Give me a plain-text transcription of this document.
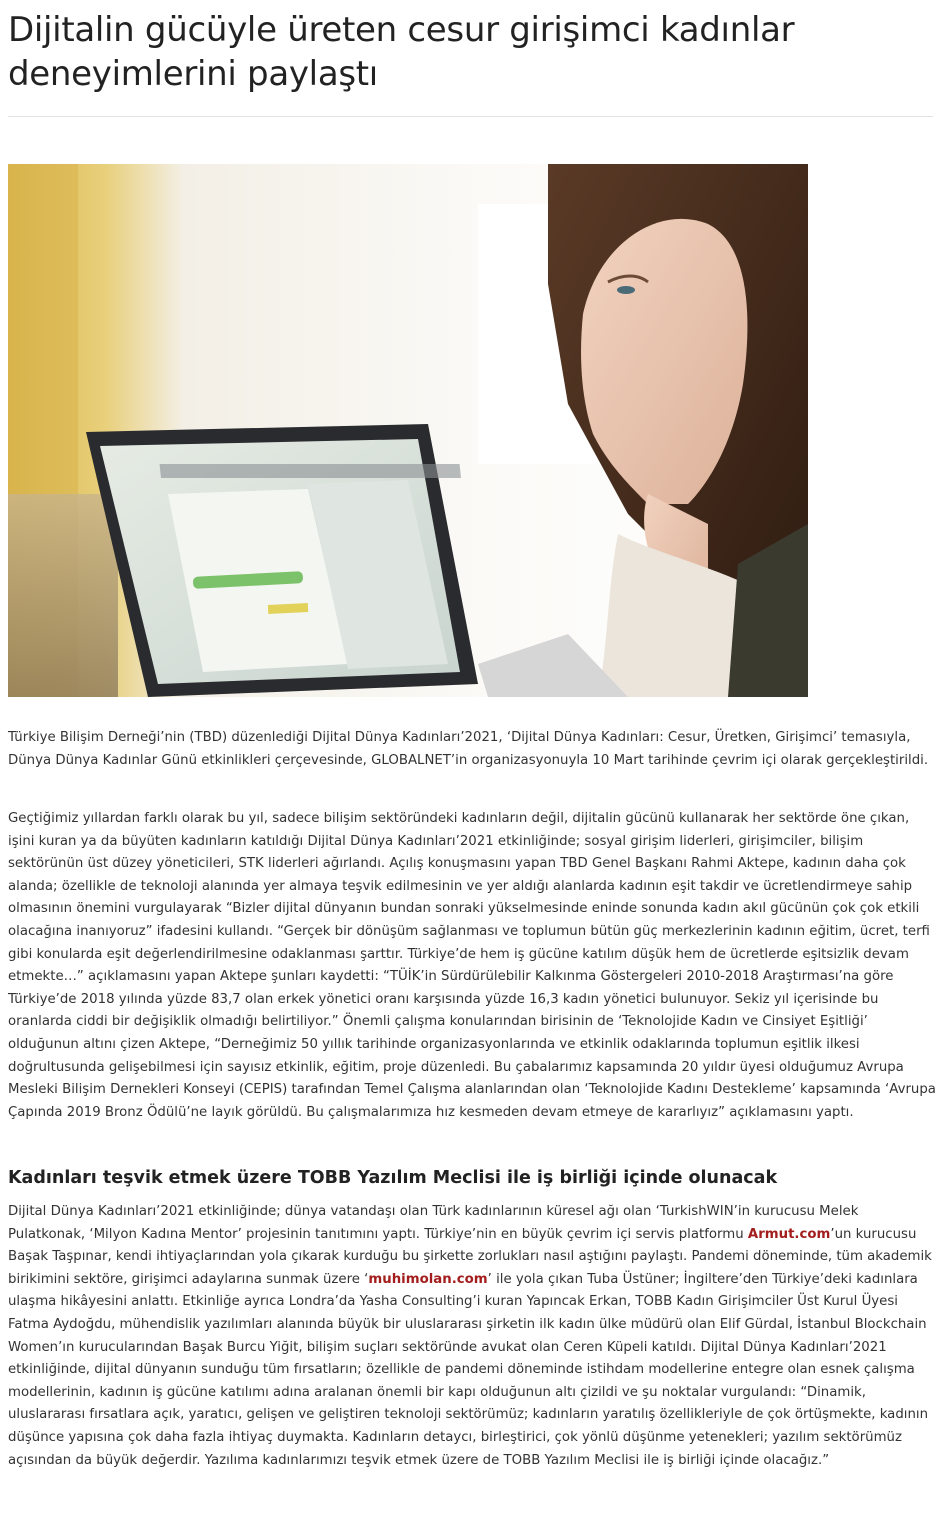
Dijitalin gücüyle üreten cesur girişimci kadınlar deneyimlerini paylaştı

Türkiye Bilişim Derneği’nin (TBD) düzenlediği Dijital Dünya Kadınları’2021, ‘Dijital Dünya Kadınları: Cesur, Üretken, Girişimci’ temasıyla, Dünya Dünya Kadınlar Günü etkinlikleri çerçevesinde, GLOBALNET’in organizasyonuyla 10 Mart tarihinde çevrim içi olarak gerçekleştirildi.

Geçtiğimiz yıllardan farklı olarak bu yıl, sadece bilişim sektöründeki kadınların değil, dijitalin gücünü kullanarak her sektörde öne çıkan, işini kuran ya da büyüten kadınların katıldığı Dijital Dünya Kadınları’2021 etkinliğinde; sosyal girişim liderleri, girişimciler, bilişim sektörünün üst düzey yöneticileri, STK liderleri ağırlandı. Açılış konuşmasını yapan TBD Genel Başkanı Rahmi Aktepe, kadının daha çok alanda; özellikle de teknoloji alanında yer almaya teşvik edilmesinin ve yer aldığı alanlarda kadının eşit takdir ve ücretlendirmeye sahip olmasının önemini vurgulayarak “Bizler dijital dünyanın bundan sonraki yükselmesinde eninde sonunda kadın akıl gücünün çok çok etkili olacağına inanıyoruz” ifadesini kullandı. “Gerçek bir dönüşüm sağlanması ve toplumun bütün güç merkezlerinin kadının eğitim, ücret, terfi gibi konularda eşit değerlendirilmesine odaklanması şarttır. Türkiye’de hem iş gücüne katılım düşük hem de ücretlerde eşitsizlik devam etmekte…” açıklamasını yapan Aktepe şunları kaydetti: “TÜİK’in Sürdürülebilir Kalkınma Göstergeleri 2010-2018 Araştırması’na göre Türkiye’de 2018 yılında yüzde 83,7 olan erkek yönetici oranı karşısında yüzde 16,3 kadın yönetici bulunuyor. Sekiz yıl içerisinde bu oranlarda ciddi bir değişiklik olmadığı belirtiliyor.” Önemli çalışma konularından birisinin de ‘Teknolojide Kadın ve Cinsiyet Eşitliği’ olduğunun altını çizen Aktepe, “Derneğimiz 50 yıllık tarihinde organizasyonlarında ve etkinlik odaklarında toplumun eşitlik ilkesi doğrultusunda gelişebilmesi için sayısız etkinlik, eğitim, proje düzenledi. Bu çabalarımız kapsamında 20 yıldır üyesi olduğumuz Avrupa Mesleki Bilişim Dernekleri Konseyi (CEPIS) tarafından Temel Çalışma alanlarından olan ‘Teknolojide Kadını Destekleme’ kapsamında ‘Avrupa Çapında 2019 Bronz Ödülü’ne layık görüldü. Bu çalışmalarımıza hız kesmeden devam etmeye de kararlıyız” açıklamasını yaptı.

Kadınları teşvik etmek üzere TOBB Yazılım Meclisi ile iş birliği içinde olunacak

Dijital Dünya Kadınları’2021 etkinliğinde; dünya vatandaşı olan Türk kadınlarının küresel ağı olan ‘TurkishWIN’in kurucusu Melek Pulatkonak, ‘Milyon Kadına Mentor’ projesinin tanıtımını yaptı. Türkiye’nin en büyük çevrim içi servis platformu Armut.com’un kurucusu Başak Taşpınar, kendi ihtiyaçlarından yola çıkarak kurduğu bu şirkette zorlukları nasıl aştığını paylaştı. Pandemi döneminde, tüm akademik birikimini sektöre, girişimci adaylarına sunmak üzere ‘muhimolan.com’ ile yola çıkan Tuba Üstüner; İngiltere’den Türkiye’deki kadınlara ulaşma hikâyesini anlattı. Etkinliğe ayrıca Londra’da Yasha Consulting’i kuran Yapıncak Erkan, TOBB Kadın Girişimciler Üst Kurul Üyesi Fatma Aydoğdu, mühendislik yazılımları alanında büyük bir uluslararası şirketin ilk kadın ülke müdürü olan Elif Gürdal, İstanbul Blockchain Women’ın kurucularından Başak Burcu Yiğit, bilişim suçları sektöründe avukat olan Ceren Küpeli katıldı. Dijital Dünya Kadınları’2021 etkinliğinde, dijital dünyanın sunduğu tüm fırsatların; özellikle de pandemi döneminde istihdam modellerine entegre olan esnek çalışma modellerinin, kadının iş gücüne katılımı adına aralanan önemli bir kapı olduğunun altı çizildi ve şu noktalar vurgulandı: “Dinamik, uluslararası fırsatlara açık, yaratıcı, gelişen ve geliştiren teknoloji sektörümüz; kadınların yaratılış özellikleriyle de çok örtüşmekte, kadının düşünce yapısına çok daha fazla ihtiyaç duymakta. Kadınların detaycı, birleştirici, çok yönlü düşünme yetenekleri; yazılım sektörümüz açısından da büyük değerdir. Yazılıma kadınlarımızı teşvik etmek üzere de TOBB Yazılım Meclisi ile iş birliği içinde olacağız.”
